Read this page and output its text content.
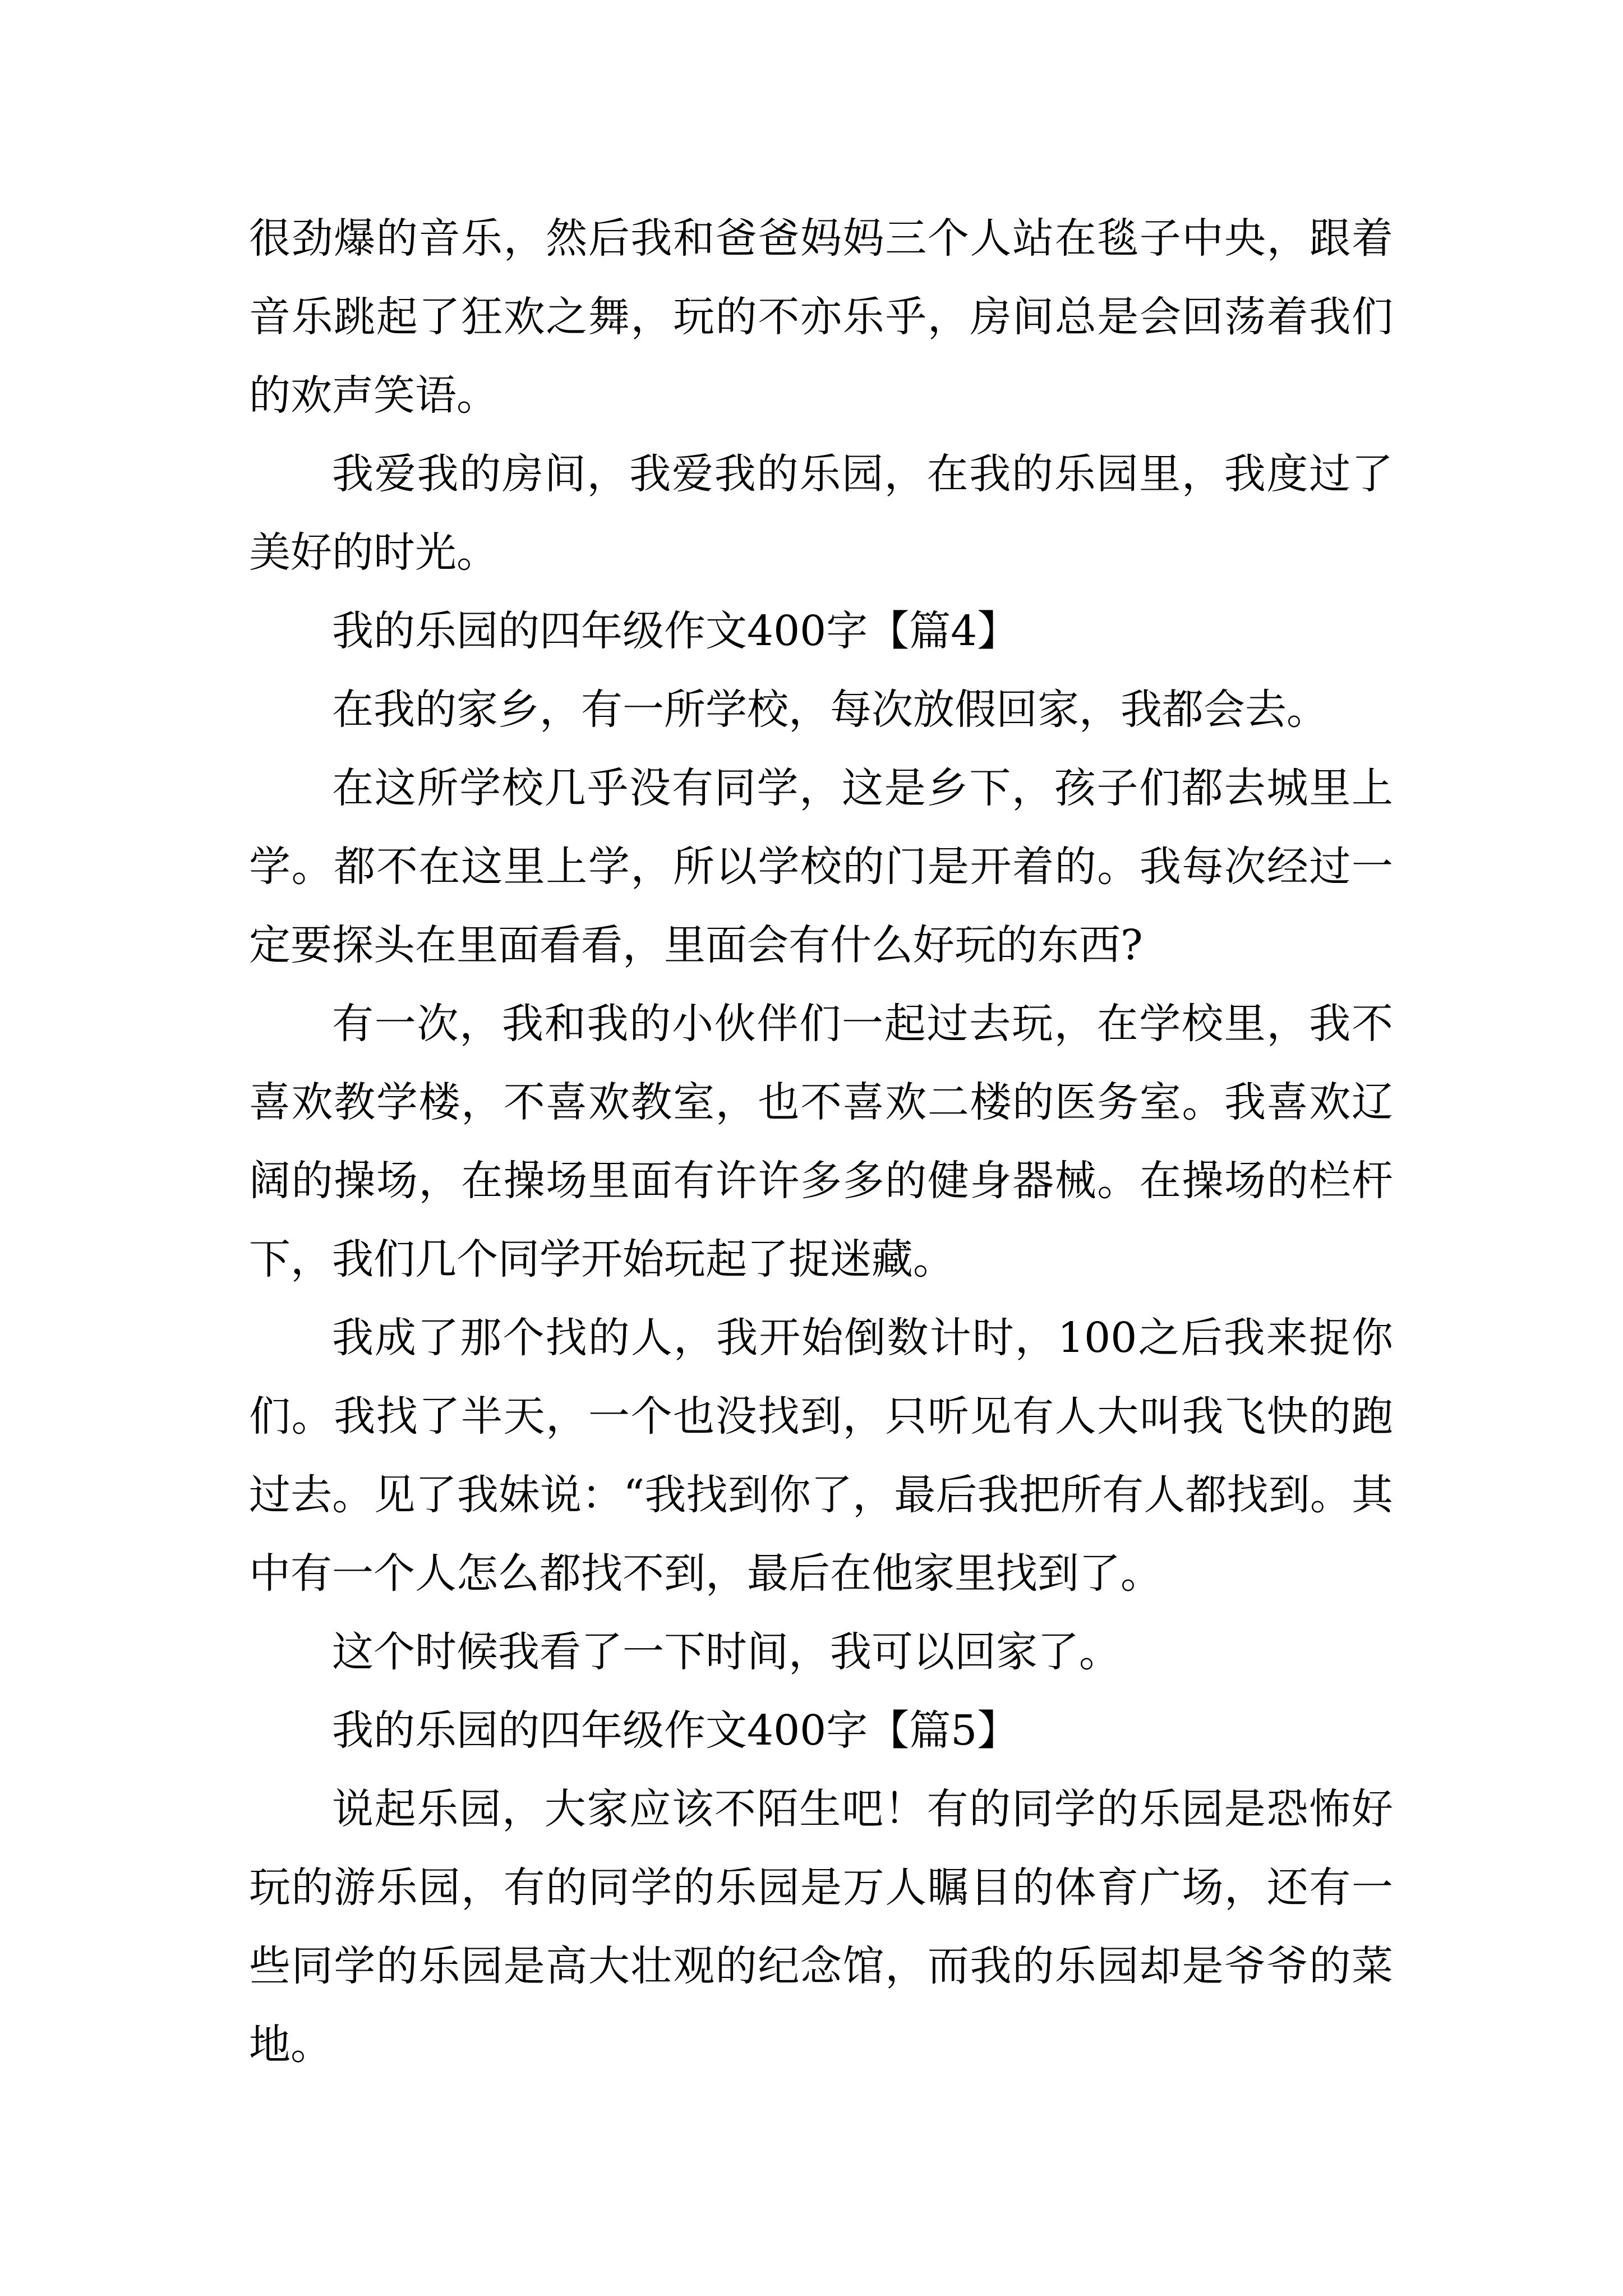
很劲爆的音乐，然后我和爸爸妈妈三个人站在毯子中央，跟着音乐跳起了狂欢之舞，玩的不亦乐乎，房间总是会回荡着我们的欢声笑语。

我爱我的房间，我爱我的乐园，在我的乐园里，我度过了美好的时光。

我的乐园的四年级作文400字【篇4】

在我的家乡，有一所学校，每次放假回家，我都会去。

在这所学校几乎没有同学，这是乡下，孩子们都去城里上学。都不在这里上学，所以学校的门是开着的。我每次经过一定要探头在里面看看，里面会有什么好玩的东西?

有一次，我和我的小伙伴们一起过去玩，在学校里，我不喜欢教学楼，不喜欢教室，也不喜欢二楼的医务室。我喜欢辽阔的操场，在操场里面有许许多多的健身器械。在操场的栏杆下，我们几个同学开始玩起了捉迷藏。

我成了那个找的人，我开始倒数计时，100之后我来捉你们。我找了半天，一个也没找到，只听见有人大叫我飞快的跑过去。见了我妹说：“我找到你了，最后我把所有人都找到。其中有一个人怎么都找不到，最后在他家里找到了。

这个时候我看了一下时间，我可以回家了。

我的乐园的四年级作文400字【篇5】

说起乐园，大家应该不陌生吧！有的同学的乐园是恐怖好玩的游乐园，有的同学的乐园是万人瞩目的体育广场，还有一些同学的乐园是高大壮观的纪念馆，而我的乐园却是爷爷的菜地。
